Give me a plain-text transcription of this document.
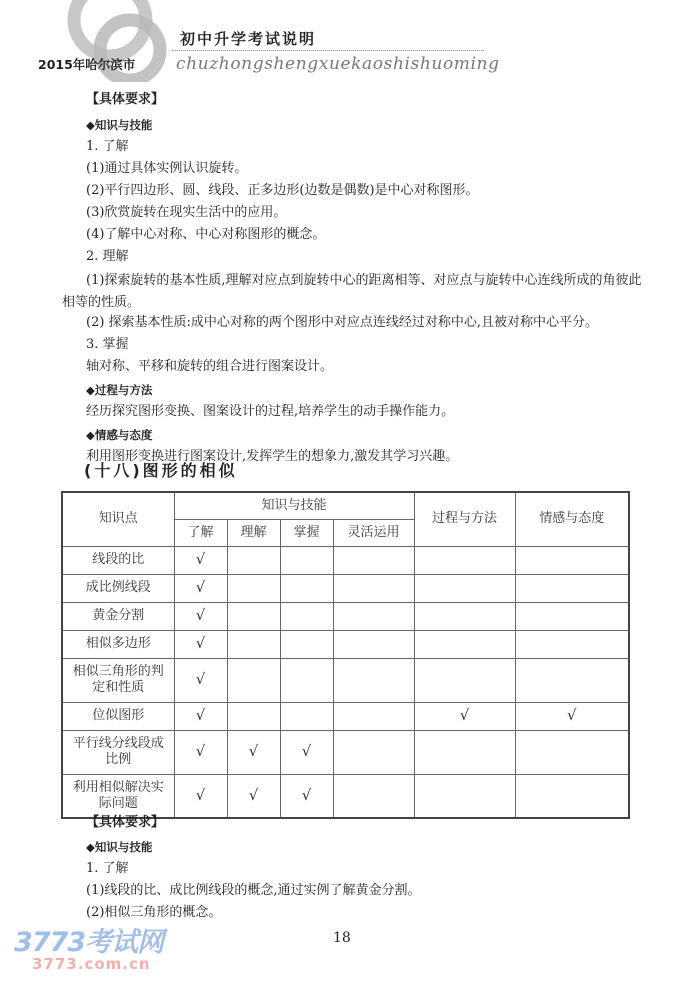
初中升学考试说明
2015年哈尔滨市 chuzhongshengxuekaoshishuoming
【具体要求】
◆知识与技能
1. 了解
(1)通过具体实例认识旋转。
(2)平行四边形、圆、线段、正多边形(边数是偶数)是中心对称图形。
(3)欣赏旋转在现实生活中的应用。
(4)了解中心对称、中心对称图形的概念。
2. 理解
(1)探索旋转的基本性质,理解对应点到旋转中心的距离相等、对应点与旋转中心连线所成的角彼此相等的性质。
(2) 探索基本性质:成中心对称的两个图形中对应点连线经过对称中心,且被对称中心平分。
3. 掌握
轴对称、平移和旋转的组合进行图案设计。
◆过程与方法
经历探究图形变换、图案设计的过程,培养学生的动手操作能力。
◆情感与态度
利用图形变换进行图案设计,发挥学生的想象力,激发其学习兴趣。
(十八)图形的相似
知识点	知识与技能				过程与方法	情感与态度
	了解	理解	掌握	灵活运用		
线段的比	√					
成比例线段	√					
黄金分割	√					
相似多边形	√					
相似三角形的判定和性质	√					
位似图形	√				√	√
平行线分线段成比例	√	√	√			
利用相似解决实际问题	√	√	√			
【具体要求】
◆知识与技能
1. 了解
(1)线段的比、成比例线段的概念,通过实例了解黄金分割。
(2)相似三角形的概念。
18
3773考试网
3773.com.cn
